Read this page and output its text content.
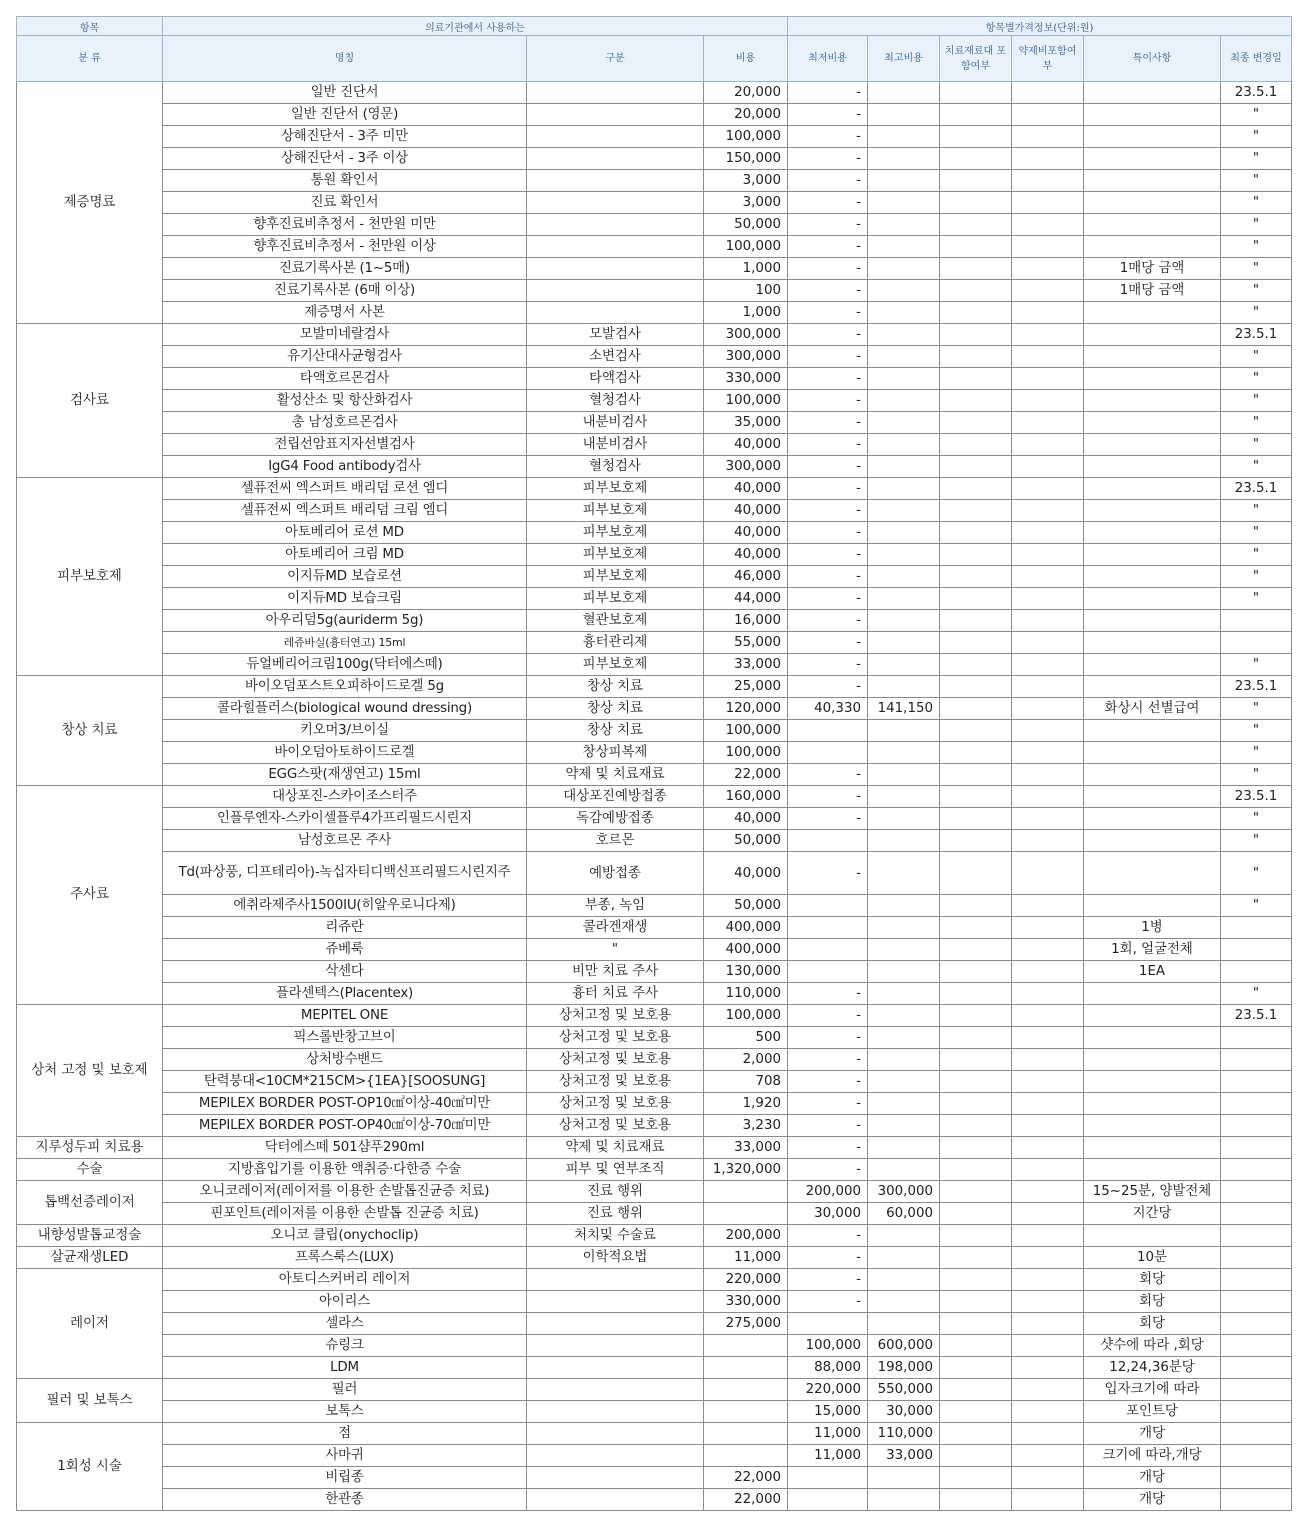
항목	의료기관에서 사용하는			항목별가격정보(단위:원)					
분 류	명칭	구분	비용	최저비용	최고비용	치료재료대 포함여부	약제비포함여부	특이사항	최종 변경일
제증명료	일반 진단서		20,000	-					23.5.1
	일반 진단서 (영문)		20,000	-					"
	상해진단서 - 3주 미만		100,000	-					"
	상해진단서 - 3주 이상		150,000	-					"
	통원 확인서		3,000	-					"
	진료 확인서		3,000	-					"
	향후진료비추정서 - 천만원 미만		50,000	-					"
	향후진료비추정서 - 천만원 이상		100,000	-					"
	진료기록사본 (1~5매)		1,000	-				1매당 금액	"
	진료기록사본 (6매 이상)		100	-				1매당 금액	"
	제증명서 사본		1,000	-					"
검사료	모발미네랄검사	모발검사	300,000	-					23.5.1
	유기산대사균형검사	소변검사	300,000	-					"
	타액호르몬검사	타액검사	330,000	-					"
	활성산소 및 항산화검사	혈청검사	100,000	-					"
	총 남성호르몬검사	내분비검사	35,000	-					"
	전립선암표지자선별검사	내분비검사	40,000	-					"
	IgG4 Food antibody검사	혈청검사	300,000	-					"
피부보호제	셀퓨전씨 엑스퍼트 배리덤 로션 엠디	피부보호제	40,000	-					23.5.1
	셀퓨전씨 엑스퍼트 배리덤 크림 엠디	피부보호제	40,000	-					"
	아토베리어 로션 MD	피부보호제	40,000	-					"
	아토베리어 크림 MD	피부보호제	40,000	-					"
	이지듀MD 보습로션	피부보호제	46,000	-					"
	이지듀MD 보습크림	피부보호제	44,000	-					"
	아우리덤5g(auriderm 5g)	혈관보호제	16,000	-					
	레쥬바실(흉터연고) 15ml	흉터관리제	55,000	-					
	듀얼베리어크림100g(닥터에스떼)	피부보호제	33,000	-					"
창상 치료	바이오덤포스트오피하이드로겔 5g	창상 치료	25,000	-					23.5.1
	콜라힐플러스(biological wound dressing)	창상 치료	120,000	40,330	141,150			화상시 선별급여	"
	키오머3/브이실	창상 치료	100,000						"
	바이오덤아토하이드로겔	창상피복제	100,000						"
	EGG스팟(재생연고) 15ml	약제 및 치료재료	22,000	-					"
주사료	대상포진-스카이조스터주	대상포진예방접종	160,000	-					23.5.1
	인플루엔자-스카이셀플루4가프리필드시린지	독감예방접종	40,000	-					"
	남성호르몬 주사	호르몬	50,000						"
	Td(파상풍, 디프테리아)-녹십자티디백신프리필드시린지주	예방접종	40,000	-					"
	에취라제주사1500IU(히알우로니다제)	부종, 녹임	50,000						"
	리쥬란	콜라겐재생	400,000					1병	
	쥬베룩	"	400,000					1회, 얼굴전체	
	삭센다	비만 치료 주사	130,000					1EA	
	플라센텍스(Placentex)	흉터 치료 주사	110,000	-					"
상처 고정 및 보호제	MEPITEL ONE	상처고정 및 보호용	100,000	-					23.5.1
	픽스롤반창고브이	상처고정 및 보호용	500	-					
	상처방수밴드	상처고정 및 보호용	2,000	-					
	탄력붕대<10CM*215CM>{1EA}[SOOSUNG]	상처고정 및 보호용	708	-					
	MEPILEX BORDER POST-OP10㎠이상-40㎠미만	상처고정 및 보호용	1,920	-					
	MEPILEX BORDER POST-OP40㎠이상-70㎠미만	상처고정 및 보호용	3,230	-					
지루성두피 치료용	닥터에스떼 501샴푸290ml	약제 및 치료재료	33,000	-					
수술	지방흡입기를 이용한 액취증·다한증 수술	피부 및 연부조직	1,320,000	-					
톱백선증레이저	오니코레이저(레이저를 이용한 손발톱진균증 치료)	진료 행위		200,000	300,000			15~25분, 양발전체	
	핀포인트(레이저를 이용한 손발톱 진균증 치료)	진료 행위		30,000	60,000			지간당	
내향성발톱교정술	오니코 클립(onychoclip)	처치및 수술료	200,000	-					
살균재생LED	프록스룩스(LUX)	이학적요법	11,000	-				10분	
레이저	아토디스커버리 레이저		220,000	-				회당	
	아이리스		330,000	-				회당	
	셀라스		275,000					회당	
	슈링크			100,000	600,000			샷수에 따라 ,회당	
	LDM			88,000	198,000			12,24,36분당	
필러 및 보톡스	필러			220,000	550,000			입자크기에 따라	
	보톡스			15,000	30,000			포인트당	
1회성 시술	점			11,000	110,000			개당	
	사마귀			11,000	33,000			크기에 따라,개당	
	비립종		22,000					개당	
	한관종		22,000					개당	
